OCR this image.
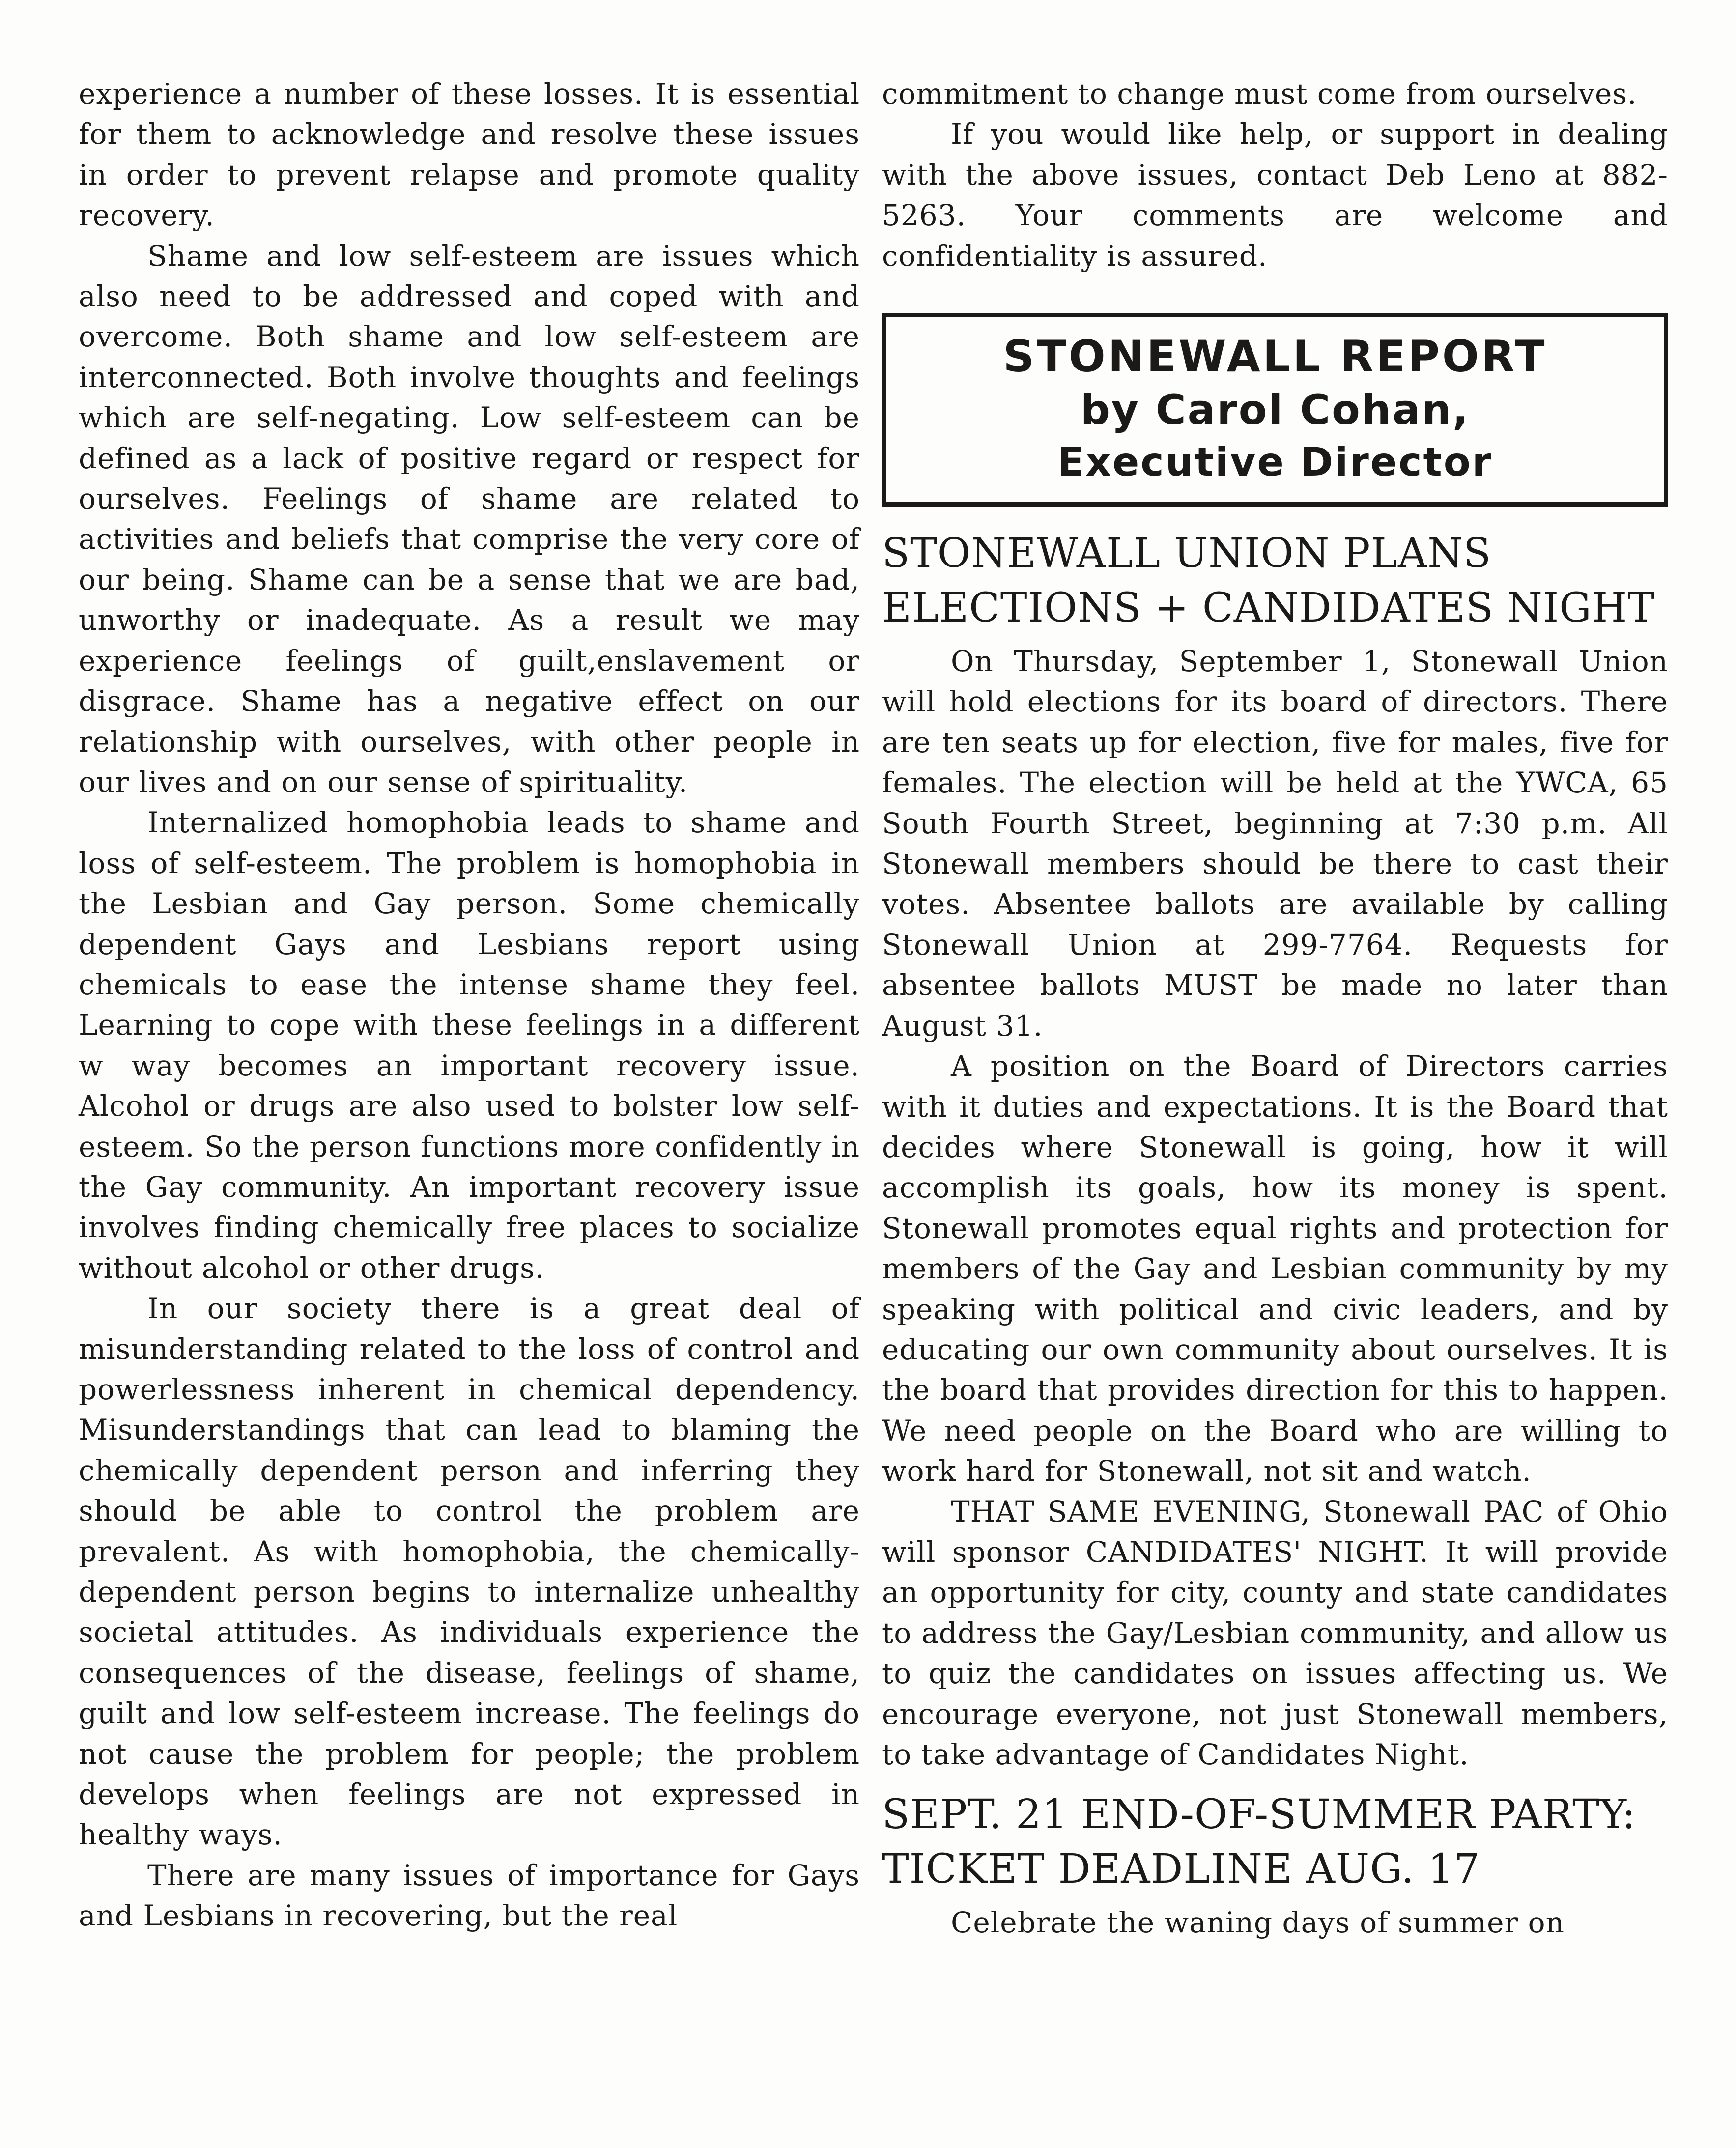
experience a number of these losses. It is essential for them to acknowledge and resolve these issues in order to prevent relapse and promote quality recovery.

Shame and low self-esteem are issues which also need to be addressed and coped with and overcome. Both shame and low self-esteem are interconnected. Both involve thoughts and feelings which are self-negating. Low self-esteem can be defined as a lack of positive regard or respect for ourselves. Feelings of shame are related to activities and beliefs that comprise the very core of our being. Shame can be a sense that we are bad, unworthy or inadequate. As a result we may experience feelings of guilt,enslavement or disgrace. Shame has a negative effect on our relationship with ourselves, with other people in our lives and on our sense of spirituality.

Internalized homophobia leads to shame and loss of self-esteem. The problem is homophobia in the Lesbian and Gay person. Some chemically dependent Gays and Lesbians report using chemicals to ease the intense shame they feel. Learning to cope with these feelings in a different w way becomes an important recovery issue. Alcohol or drugs are also used to bolster low self-esteem. So the person functions more confidently in the Gay community. An important recovery issue involves finding chemically free places to socialize without alcohol or other drugs.

In our society there is a great deal of misunderstanding related to the loss of control and powerlessness inherent in chemical dependency. Misunderstandings that can lead to blaming the chemically dependent person and inferring they should be able to control the problem are prevalent. As with homophobia, the chemically-dependent person begins to internalize unhealthy societal attitudes. As individuals experience the consequences of the disease, feelings of shame, guilt and low self-esteem increase. The feelings do not cause the problem for people; the problem develops when feelings are not expressed in healthy ways.

There are many issues of importance for Gays and Lesbians in recovering, but the real

commitment to change must come from ourselves.

If you would like help, or support in dealing with the above issues, contact Deb Leno at 882-5263. Your comments are welcome and confidentiality is assured.

STONEWALL REPORT
by Carol Cohan,
Executive Director
STONEWALL UNION PLANS
ELECTIONS + CANDIDATES NIGHT

On Thursday, September 1, Stonewall Union will hold elections for its board of directors. There are ten seats up for election, five for males, five for females. The election will be held at the YWCA, 65 South Fourth Street, beginning at 7:30 p.m. All Stonewall members should be there to cast their votes. Absentee ballots are available by calling Stonewall Union at 299-7764. Requests for absentee ballots MUST be made no later than August 31.

A position on the Board of Directors carries with it duties and expectations. It is the Board that decides where Stonewall is going, how it will accomplish its goals, how its money is spent. Stonewall promotes equal rights and protection for members of the Gay and Lesbian community by my speaking with political and civic leaders, and by educating our own community about ourselves. It is the board that provides direction for this to happen. We need people on the Board who are willing to work hard for Stonewall, not sit and watch.

THAT SAME EVENING, Stonewall PAC of Ohio will sponsor CANDIDATES' NIGHT. It will provide an opportunity for city, county and state candidates to address the Gay/Lesbian community, and allow us to quiz the candidates on issues affecting us. We encourage everyone, not just Stonewall members, to take advantage of Candidates Night.

SEPT. 21 END-OF-SUMMER PARTY:
TICKET DEADLINE AUG. 17

Celebrate the waning days of summer on
